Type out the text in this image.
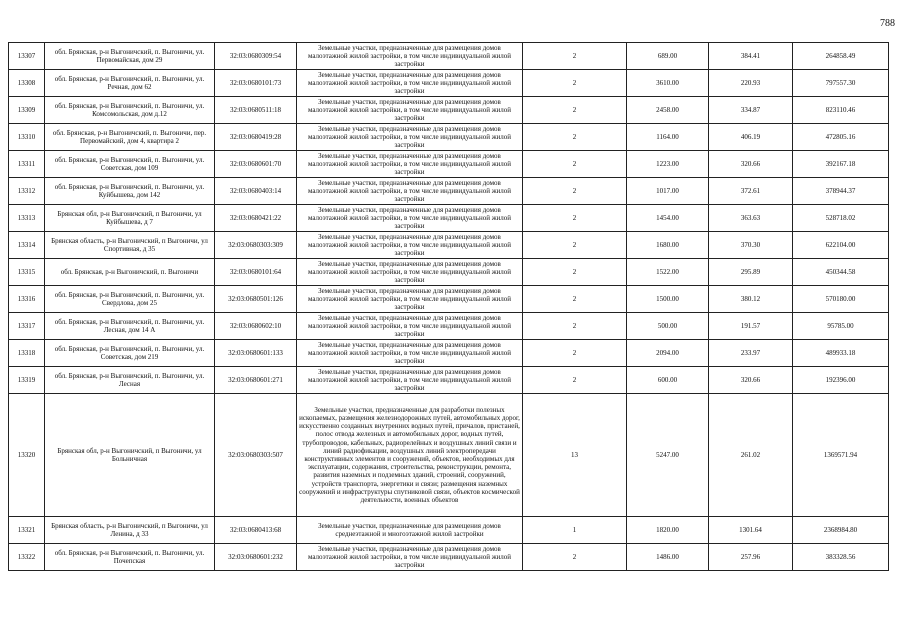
788
13307	обл. Брянская, р-н Выгоничский, п. Выгоничи, ул. Первомайская, дом 29	32:03:0680309:54	Земельные участки, предназначенные для размещения домов малоэтажной жилой застройки, в том числе индивидуальной жилой застройки	2	689.00	384.41	264858.49
13308	обл. Брянская, р-н Выгоничский, п. Выгоничи, ул. Речная, дом 62	32:03:0680101:73	Земельные участки, предназначенные для размещения домов малоэтажной жилой застройки, в том числе индивидуальной жилой застройки	2	3610.00	220.93	797557.30
13309	обл. Брянская, р-н Выгоничский, п. Выгоничи, ул. Комсомольская, дом д.12	32:03:0680511:18	Земельные участки, предназначенные для размещения домов малоэтажной жилой застройки, в том числе индивидуальной жилой застройки	2	2458.00	334.87	823110.46
13310	обл. Брянская, р-н Выгоничский, п. Выгоничи, пер. Первомайский, дом 4, квартира 2	32:03:0680419:28	Земельные участки, предназначенные для размещения домов малоэтажной жилой застройки, в том числе индивидуальной жилой застройки	2	1164.00	406.19	472805.16
13311	обл. Брянская, р-н Выгоничский, п. Выгоничи, ул. Советская, дом 109	32:03:0680601:70	Земельные участки, предназначенные для размещения домов малоэтажной жилой застройки, в том числе индивидуальной жилой застройки	2	1223.00	320.66	392167.18
13312	обл. Брянская, р-н Выгоничский, п. Выгоничи, ул. Куйбышева, дом 142	32:03:0680403:14	Земельные участки, предназначенные для размещения домов малоэтажной жилой застройки, в том числе индивидуальной жилой застройки	2	1017.00	372.61	378944.37
13313	Брянская обл, р-н Выгоничский, п Выгоничи, ул Куйбышева, д 7	32:03:0680421:22	Земельные участки, предназначенные для размещения домов малоэтажной жилой застройки, в том числе индивидуальной жилой застройки	2	1454.00	363.63	528718.02
13314	Брянская область, р-н Выгоничский, п Выгоничи, ул Спортивная, д 35	32:03:0680303:309	Земельные участки, предназначенные для размещения домов малоэтажной жилой застройки, в том числе индивидуальной жилой застройки	2	1680.00	370.30	622104.00
13315	обл. Брянская, р-н Выгоничский, п. Выгоничи	32:03:0680101:64	Земельные участки, предназначенные для размещения домов малоэтажной жилой застройки, в том числе индивидуальной жилой застройки	2	1522.00	295.89	450344.58
13316	обл. Брянская, р-н Выгоничский, п. Выгоничи, ул. Свердлова, дом 25	32:03:0680501:126	Земельные участки, предназначенные для размещения домов малоэтажной жилой застройки, в том числе индивидуальной жилой застройки	2	1500.00	380.12	570180.00
13317	обл. Брянская, р-н Выгоничский, п. Выгоничи, ул. Лесная, дом 14 А	32:03:0680602:10	Земельные участки, предназначенные для размещения домов малоэтажной жилой застройки, в том числе индивидуальной жилой застройки	2	500.00	191.57	95785.00
13318	обл. Брянская, р-н Выгоничский, п. Выгоничи, ул. Советская, дом 219	32:03:0680601:133	Земельные участки, предназначенные для размещения домов малоэтажной жилой застройки, в том числе индивидуальной жилой застройки	2	2094.00	233.97	489933.18
13319	обл. Брянская, р-н Выгоничский, п. Выгоничи, ул. Лесная	32:03:0680601:271	Земельные участки, предназначенные для размещения домов малоэтажной жилой застройки, в том числе индивидуальной жилой застройки	2	600.00	320.66	192396.00
13320	Брянская обл, р-н Выгоничский, п Выгоничи, ул Больничная	32:03:0680303:507	Земельные участки, предназначенные для разработки полезных ископаемых, размещения железнодорожных путей, автомобильных дорог, искусственно созданных внутренних водных путей, причалов, пристаней, полос отвода железных и автомобильных дорог, водных путей, трубопроводов, кабельных, радиорелейных и воздушных линий связи и линий радиофикации, воздушных линий электропередачи конструктивных элементов и сооружений, объектов, необходимых для эксплуатации, содержания, строительства, реконструкции, ремонта, развития наземных и подземных зданий, строений, сооружений, устройств транспорта, энергетики и связи; размещения наземных сооружений и инфраструктуры спутниковой связи, объектов космической деятельности, военных объектов	13	5247.00	261.02	1369571.94
13321	Брянская область, р-н Выгоничский, п Выгоничи, ул Ленина, д 33	32:03:0680413:68	Земельные участки, предназначенные для размещения домов среднеэтажной и многоэтажной жилой застройки	1	1820.00	1301.64	2368984.80
13322	обл. Брянская, р-н Выгоничский, п. Выгоничи, ул. Почепская	32:03:0680601:232	Земельные участки, предназначенные для размещения домов малоэтажной жилой застройки, в том числе индивидуальной жилой застройки	2	1486.00	257.96	383328.56
